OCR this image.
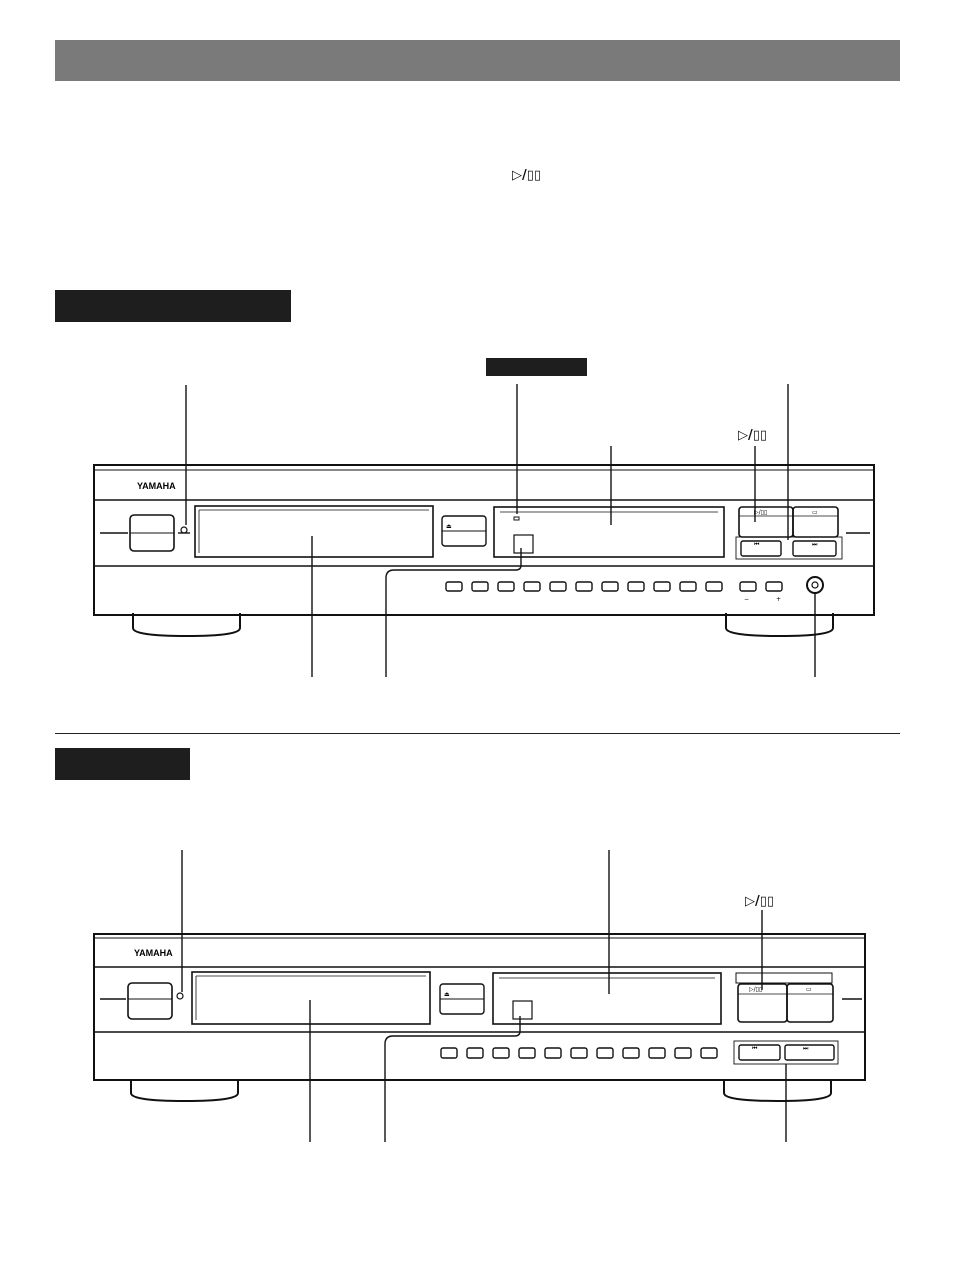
▷/▯▯
▷/▯▯
YAMAHA
▷/▯▯	▭
⏮	⏭
⏏
−	+
▷/▯▯
YAMAHA
▷/▯▯	▭
⏮	⏭
⏏
